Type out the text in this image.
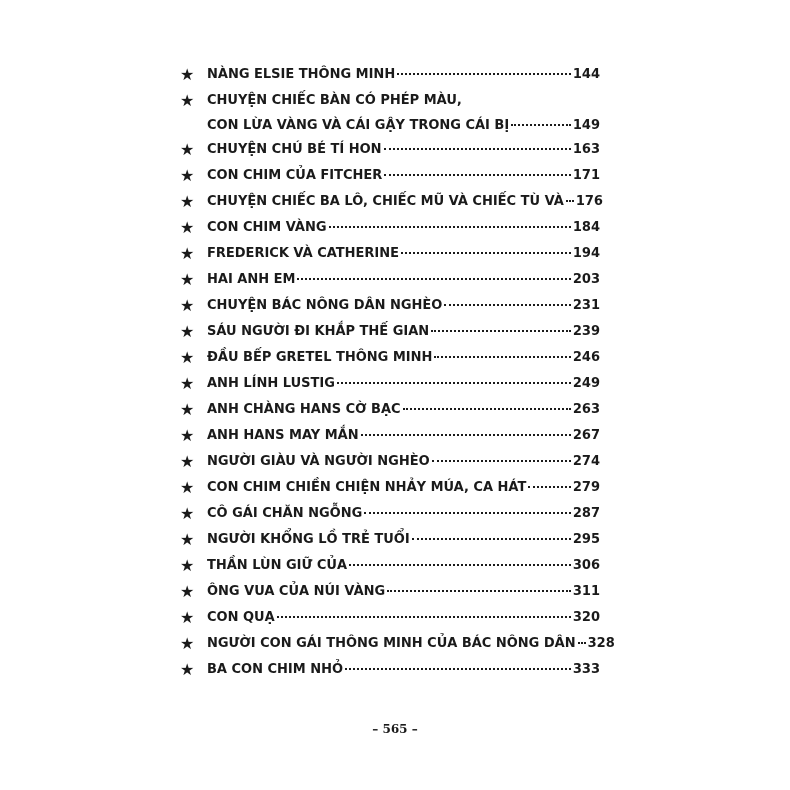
★ NÀNG ELSIE THÔNG MINH	144
★ CHUYỆN CHIẾC BÀN CÓ PHÉP MÀU,
CON LỪA VÀNG VÀ CÁI GẬY TRONG CÁI BỊ	149
★ CHUYỆN CHÚ BÉ TÍ HON	163
★ CON CHIM CỦA FITCHER	171
★ CHUYỆN CHIẾC BA LÔ, CHIẾC MŨ VÀ CHIẾC TÙ VÀ 176
★ CON CHIM VÀNG	184
★ FREDERICK VÀ CATHERINE	194
★ HAI ANH EM	203
★ CHUYỆN BÁC NÔNG DÂN NGHÈO	231
★ SÁU NGƯỜI ĐI KHẮP THẾ GIAN	239
★ ĐẦU BẾP GRETEL THÔNG MINH	246
★ ANH LÍNH LUSTIG	249
★ ANH CHÀNG HANS CỜ BẠC	263
★ ANH HANS MAY MẮN	267
★ NGƯỜI GIÀU VÀ NGƯỜI NGHÈO	274
★ CON CHIM CHIỀN CHIỆN NHẢY MÚA, CA HÁT	279
★ CÔ GÁI CHĂN NGỖNG	287
★ NGƯỜI KHỔNG LỒ TRẺ TUỔI	295
★ THẦN LÙN GIỮ CỦA	306
★ ÔNG VUA CỦA NÚI VÀNG	311
★ CON QUẠ	320
★ NGƯỜI CON GÁI THÔNG MINH CỦA BÁC NÔNG DÂN 328
★ BA CON CHIM NHỎ	333
– 565 –
